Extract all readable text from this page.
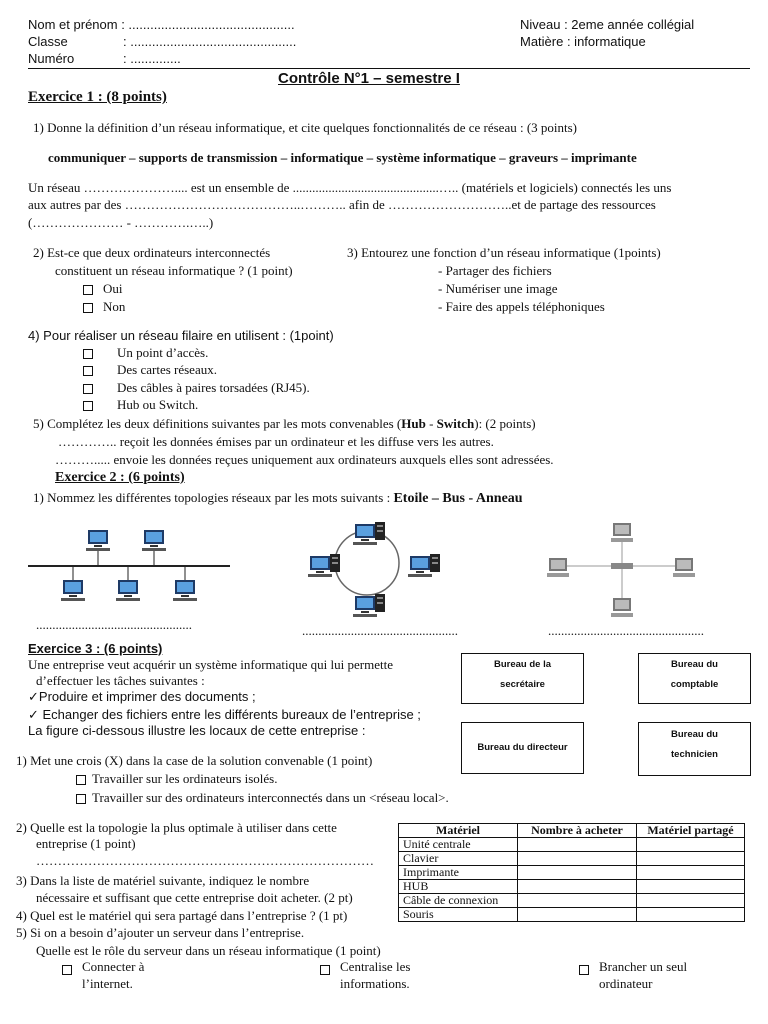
Nom et prénom : ..............................................
Classe	: ..............................................
Numéro	: ..............
Niveau : 2eme année collégial
Matière : informatique
Contrôle N°1 – semestre I
Exercice 1 : (8 points)
1) Donne la définition d’un réseau informatique, et cite quelques fonctionnalités de ce réseau : (3 points)
communiquer – supports de transmission – informatique – système informatique – graveurs – imprimante
Un réseau ………………….... est un ensemble de .............................................….. (matériels et logiciels) connectés les uns
aux autres par des …………………………………..……….. afin de ………………………..et de partage des ressources
(………………… - ………….…..)
2) Est-ce que deux ordinateurs interconnectés
constituent un réseau informatique ? (1 point)
Oui
Non
3) Entourez une fonction d’un réseau informatique (1points)
- Partager des fichiers
- Numériser une image
- Faire des appels téléphoniques
4) Pour réaliser un réseau filaire en utilisent : (1point)
Un point d’accès.
Des cartes réseaux.
Des câbles à paires torsadées (RJ45).
Hub ou Switch.
5) Complétez les deux définitions suivantes par les mots convenables (Hub - Switch): (2 points)
………….. reçoit les données émises par un ordinateur et les diffuse vers les autres.
………..... envoie les données reçues uniquement aux ordinateurs auxquels elles sont adressées.
Exercice 2 : (6 points)
1) Nommez les différentes topologies réseaux par les mots suivants : Etoile – Bus - Anneau
................................................	................................................	................................................
Exercice 3 : (6 points)
Une entreprise veut acquérir un système informatique qui lui permette
d’effectuer les tâches suivantes :
✓Produire et imprimer des documents ;
✓ Echanger des fichiers entre les différents bureaux de l’entreprise ;
La figure ci-dessous illustre les locaux de cette entreprise :
Bureau de la
secrétaire
Bureau du
comptable
Bureau du directeur
Bureau du
technicien
1) Met une crois (X) dans la case de la solution convenable (1 point)
Travailler sur les ordinateurs isolés.
Travailler sur des ordinateurs interconnectés dans un <réseau local>.
2) Quelle est la topologie la plus optimale à utiliser dans cette
entreprise (1 point)
……………………………………………………………………
3) Dans la liste de matériel suivante, indiquez le nombre
nécessaire et suffisant que cette entreprise doit acheter. (2 pt)
4) Quel est le matériel qui sera partagé dans l’entreprise ? (1 pt)
5) Si on a besoin d’ajouter un serveur dans l’entreprise.
Quelle est le rôle du serveur dans un réseau informatique (1 point)
Connecter à
l’internet.
Centralise les
informations.
Brancher un seul
ordinateur
Matériel	Nombre à acheter	Matériel partagé
Unité centrale		
Clavier		
Imprimante		
HUB		
Câble de connexion		
Souris		
